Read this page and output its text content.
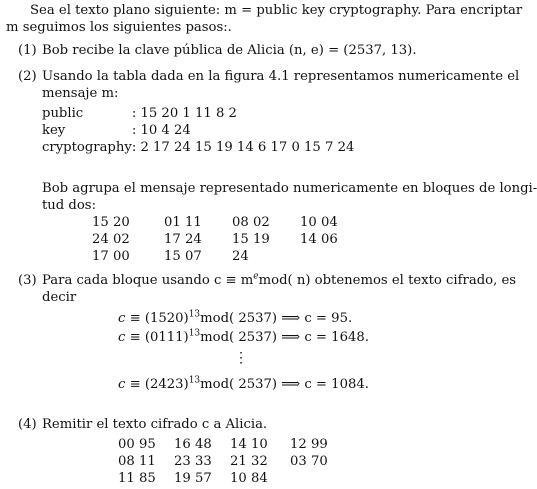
Sea el texto plano siguiente: m = public key cryptography. Para encriptar
m seguimos los siguientes pasos:.
(1) Bob recibe la clave pública de Alicia (n, e) = (2537, 13).
(2) Usando la tabla dada en la figura 4.1 representamos numericamente el
mensaje m:
public	: 15 20 1 11 8 2
key	: 10 4 24
cryptography	: 2 17 24 15 19 14 6 17 0 15 7 24
Bob agrupa el mensaje representado numericamente en bloques de longi-
tud dos:
15 20	01 11	08 02	10 04
24 02	17 24	15 19	14 06
17 00	15 07	24	
(3) Para cada bloque usando $c \equiv m^emod$( n) obtenemos el texto cifrado, es
decir
$c \equiv (1520)^{13}mod$( 2537) ⟹ c = 95.
$c \equiv (0111)^{13}mod$( 2537) ⟹ c = 1648.
⋮
$c \equiv (2423)^{13}mod$( 2537) ⟹ c = 1084.
(4) Remitir el texto cifrado c a Alicia.
00 95	16 48	14 10	12 99
08 11	23 33	21 32	03 70
11 85	19 57	10 84	
